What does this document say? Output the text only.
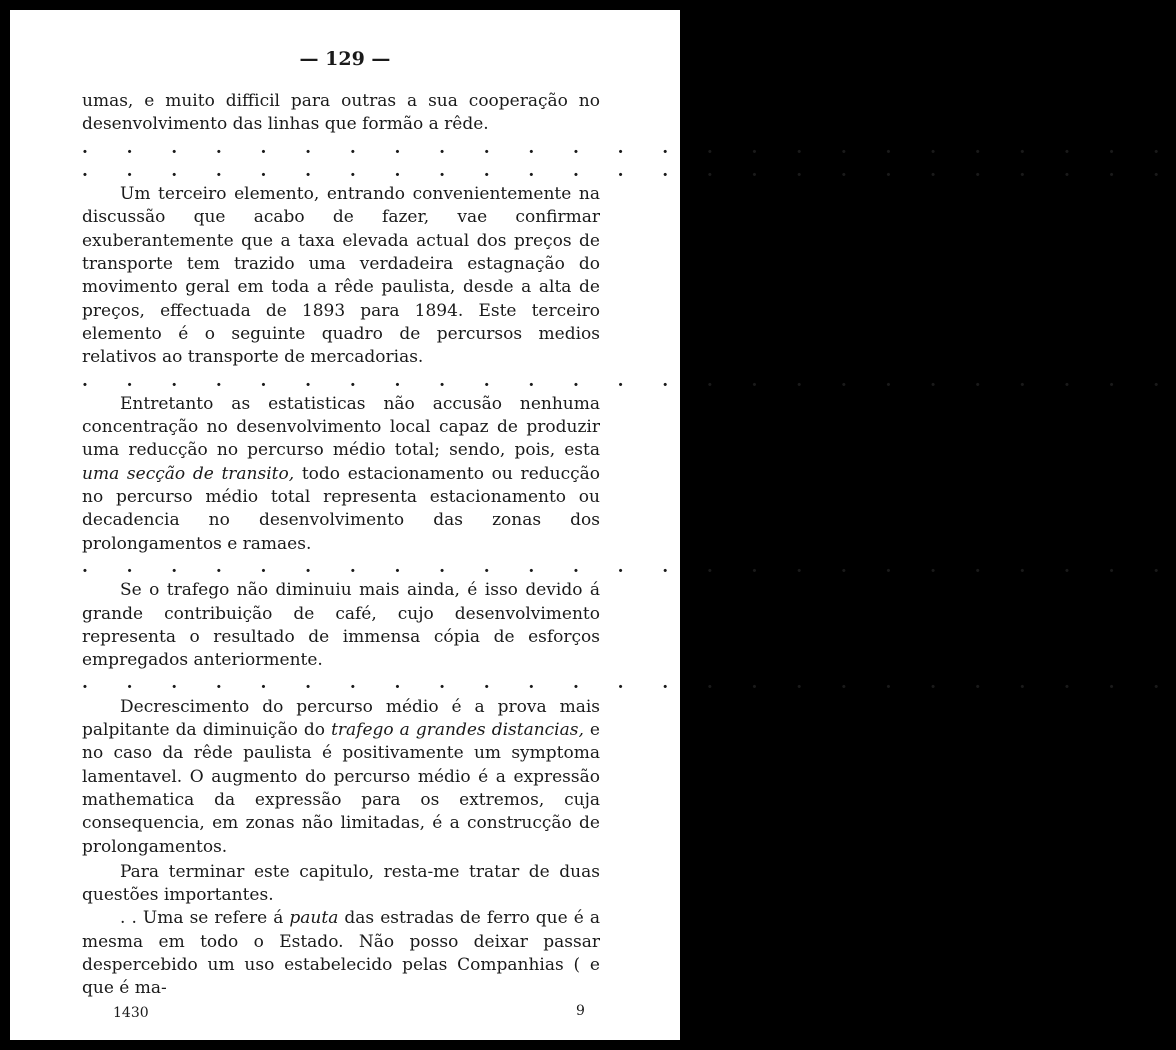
— 129 —

umas, e muito difficil para outras a sua cooperação no desenvolvimento das linhas que formão a rêde.

. . . . . . . . . . . . . . . . . . . . . . . . .
. . . . . . . . . . . . . . . . . . . . . . . . .

Um terceiro elemento, entrando convenientemente na discussão que acabo de fazer, vae confirmar exuberantemente que a taxa elevada actual dos preços de transporte tem trazido uma verdadeira estagnação do movimento geral em toda a rêde paulista, desde a alta de preços, effectuada de 1893 para 1894. Este terceiro elemento é o seguinte quadro de percursos medios relativos ao transporte de mercadorias.

. . . . . . . . . . . . . . . . . . . . . . . . .

Entretanto as estatisticas não accusão nenhuma concentração no desenvolvimento local capaz de produzir uma reducção no percurso médio total; sendo, pois, esta uma secção de transito, todo estacionamento ou reducção no percurso médio total representa estacionamento ou decadencia no desenvolvimento das zonas dos prolongamentos e ramaes.

. . . . . . . . . . . . . . . . . . . . . . . . .

Se o trafego não diminuiu mais ainda, é isso devido á grande contribuição de café, cujo desenvolvimento representa o resultado de immensa cópia de esforços empregados anteriormente.

. . . . . . . . . . . . . . . . . . . . . . . . .

Decrescimento do percurso médio é a prova mais palpitante da diminuição do trafego a grandes distancias, e no caso da rêde paulista é positivamente um symptoma lamentavel. O augmento do percurso médio é a expressão mathematica da expressão para os extremos, cuja consequencia, em zonas não limitadas, é a construcção de prolongamentos.

Para terminar este capitulo, resta-me tratar de duas questões importantes.

. . Uma se refere á pauta das estradas de ferro que é a mesma em todo o Estado. Não posso deixar passar despercebido um uso estabelecido pelas Companhias ( e que é ma-

1430	9
